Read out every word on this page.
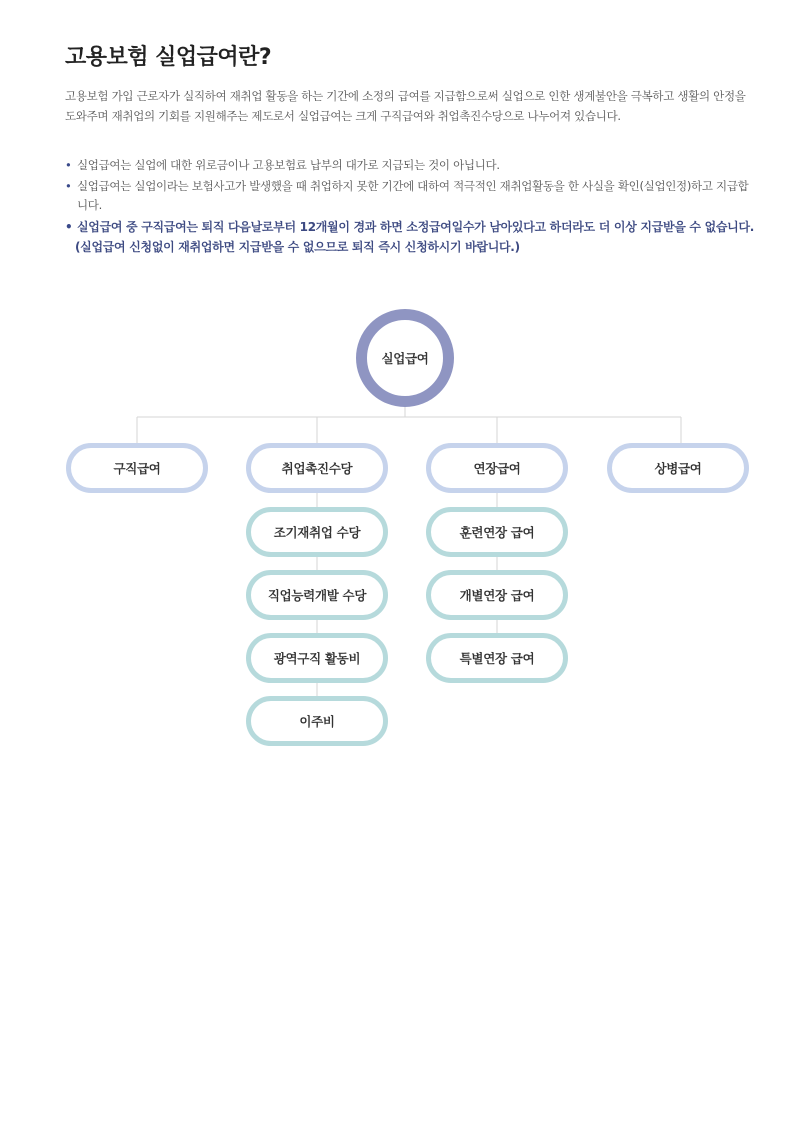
고용보험 실업급여란?

고용보험 가입 근로자가 실직하여 재취업 활동을 하는 기간에 소정의 급여를 지급함으로써 실업으로 인한 생계불안을 극복하고 생활의 안정을 도와주며 재취업의 기회를 지원해주는 제도로서 실업급여는 크게 구직급여와 취업촉진수당으로 나누어져 있습니다.

• 실업급여는 실업에 대한 위로금이나 고용보험료 납부의 대가로 지급되는 것이 아닙니다.
• 실업급여는 실업이라는 보험사고가 발생했을 때 취업하지 못한 기간에 대하여 적극적인 재취업활동을 한 사실을 확인(실업인정)하고 지급합니다.
• 실업급여 중 구직급여는 퇴직 다음날로부터 12개월이 경과 하면 소정급여일수가 남아있다고 하더라도 더 이상 지급받을 수 없습니다.
(실업급여 신청없이 재취업하면 지급받을 수 없으므로 퇴직 즉시 신청하시기 바랍니다.)
실업급여
구직급여	취업촉진수당	연장급여	상병급여
조기재취업 수당
직업능력개발 수당
광역구직 활동비
이주비
훈련연장 급여
개별연장 급여
특별연장 급여
